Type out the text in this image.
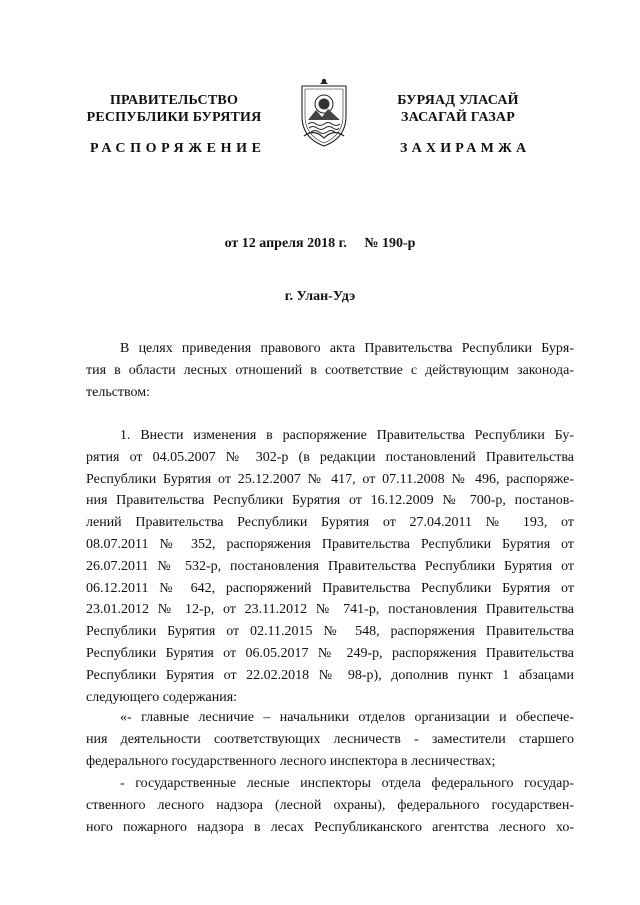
ПРАВИТЕЛЬСТВО
РЕСПУБЛИКИ БУРЯТИЯ
БУРЯАД УЛАСАЙ
ЗАСАГАЙ ГАЗАР
РАСПОРЯЖЕНИЕ	ЗАХИРАМЖА
от 12 апреля 2018 г. № 190-р
г. Улан-Удэ
В целях приведения правового акта Правительства Республики Буря-
тия в области лесных отношений в соответствие с действующим законода-
тельством:
1. Внести изменения в распоряжение Правительства Республики Бу-
рятия от 04.05.2007 № 302-р (в редакции постановлений Правительства
Республики Бурятия от 25.12.2007 № 417, от 07.11.2008 № 496, распоряже-
ния Правительства Республики Бурятия от 16.12.2009 № 700-р, постанов-
лений Правительства Республики Бурятия от 27.04.2011 № 193, от
08.07.2011 № 352, распоряжения Правительства Республики Бурятия от
26.07.2011 № 532-р, постановления Правительства Республики Бурятия от
06.12.2011 № 642, распоряжений Правительства Республики Бурятия от
23.01.2012 № 12-р, от 23.11.2012 № 741-р, постановления Правительства
Республики Бурятия от 02.11.2015 № 548, распоряжения Правительства
Республики Бурятия от 06.05.2017 № 249-р, распоряжения Правительства
Республики Бурятия от 22.02.2018 № 98-р), дополнив пункт 1 абзацами
следующего содержания:
«- главные лесничие – начальники отделов организации и обеспече-
ния деятельности соответствующих лесничеств - заместители старшего
федерального государственного лесного инспектора в лесничествах;
- государственные лесные инспекторы отдела федерального государ-
ственного лесного надзора (лесной охраны), федерального государствен-
ного пожарного надзора в лесах Республиканского агентства лесного хо-
